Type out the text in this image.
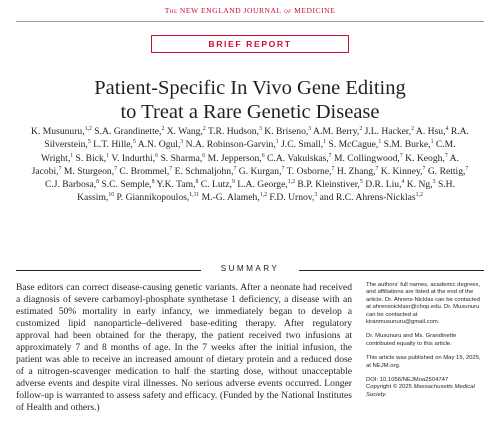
The NEW ENGLAND JOURNAL of MEDICINE
BRIEF REPORT
Patient-Specific In Vivo Gene Editing
to Treat a Rare Genetic Disease
K. Musunuru,$^{1,2}$ S.A. Grandinette,$^2$ X. Wang,$^2$ T.R. Hudson,$^3$ K. Briseno,$^3$ A.M. Berry,$^2$ J.L. Hacker,$^2$ A. Hsu,$^4$ R.A. Silverstein,$^5$ L.T. Hille,$^5$ A.N. Ogul,$^3$ N.A. Robinson-Garvin,$^1$ J.C. Small,$^1$ S. McCague,$^1$ S.M. Burke,$^1$ C.M. Wright,$^1$ S. Bick,$^1$ V. Indurthi,$^6$ S. Sharma,$^6$ M. Jepperson,$^6$ C.A. Vakulskas,$^7$ M. Collingwood,$^7$ K. Keogh,$^7$ A. Jacobi,$^7$ M. Sturgeon,$^7$ C. Brommel,$^7$ E. Schmaljohn,$^7$ G. Kurgan,$^7$ T. Osborne,$^7$ H. Zhang,$^7$ K. Kinney,$^7$ G. Rettig,$^7$ C.J. Barbosa,$^8$ S.C. Semple,$^8$ Y.K. Tam,$^8$ C. Lutz,$^9$ L.A. George,$^{1,2}$ B.P. Kleinstiver,$^5$ D.R. Liu,$^4$ K. Ng,$^3$ S.H. Kassim,$^{10}$ P. Giannikopoulos,$^{1,11}$ M.-G. Alameh,$^{1,2}$ F.D. Urnov,$^3$ and R.C. Ahrens-Nicklas$^{1,2}$
SUMMARY

Base editors can correct disease-causing genetic variants. After a neonate had received a diagnosis of severe carbamoyl-phosphate synthetase 1 deficiency, a disease with an estimated 50% mortality in early infancy, we immediately began to develop a customized lipid nanoparticle–delivered base-editing therapy. After regulatory approval had been obtained for the therapy, the patient received two infusions at approximately 7 and 8 months of age. In the 7 weeks after the initial infusion, the patient was able to receive an increased amount of dietary protein and a reduced dose of a nitrogen-scavenger medication to half the starting dose, without unacceptable adverse events and despite viral illnesses. No serious adverse events occurred. Longer follow-up is warranted to assess safety and efficacy. (Funded by the National Institutes of Health and others.)

The authors' full names, academic degrees, and affiliations are listed at the end of the article. Dr. Ahrens-Nicklas can be contacted at ahrensnicklasr@chop.edu. Dr. Musunuru can be contacted at kiranmusunuru@gmail.com.

Dr. Musunuru and Ms. Grandinette contributed equally to this article.

This article was published on May 15, 2025, at NEJM.org.

DOI: 10.1056/NEJMoa2504747

Copyright © 2025 Massachusetts Medical Society.
